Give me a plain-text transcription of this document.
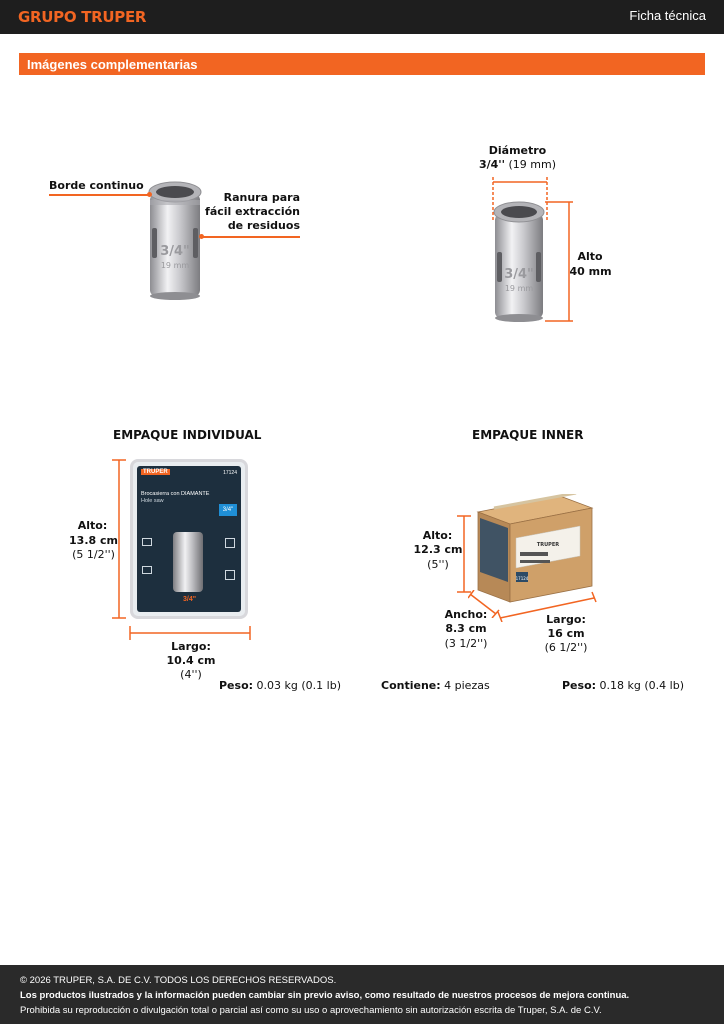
GRUPO TRUPER	Ficha técnica
Imágenes complementarias
3/4"
19 mm
Borde continuo
Ranura para
fácil extracción
de residuos
3/4"
19 mm
Diámetro
3/4'' (19 mm)
Alto
40 mm
EMPAQUE INDIVIDUAL
Alto:
13.8 cm
(5 1/2'')
TRUPER	17124
Brocasierra con DIAMANTE
Hole saw
3/4"
3/4"
Largo:
10.4 cm
(4'')
Peso: 0.03 kg (0.1 lb)
EMPAQUE INNER
TRUPER
17124
Alto:
12.3 cm
(5'')
Ancho:
8.3 cm
(3 1/2'')
Largo:
16 cm
(6 1/2'')
Contiene: 4 piezas	Peso: 0.18 kg (0.4 lb)

© 2026 TRUPER, S.A. DE C.V. TODOS LOS DERECHOS RESERVADOS.

Los productos ilustrados y la información pueden cambiar sin previo aviso, como resultado de nuestros procesos de mejora continua.

Prohibida su reproducción o divulgación total o parcial así como su uso o aprovechamiento sin autorización escrita de Truper, S.A. de C.V.
